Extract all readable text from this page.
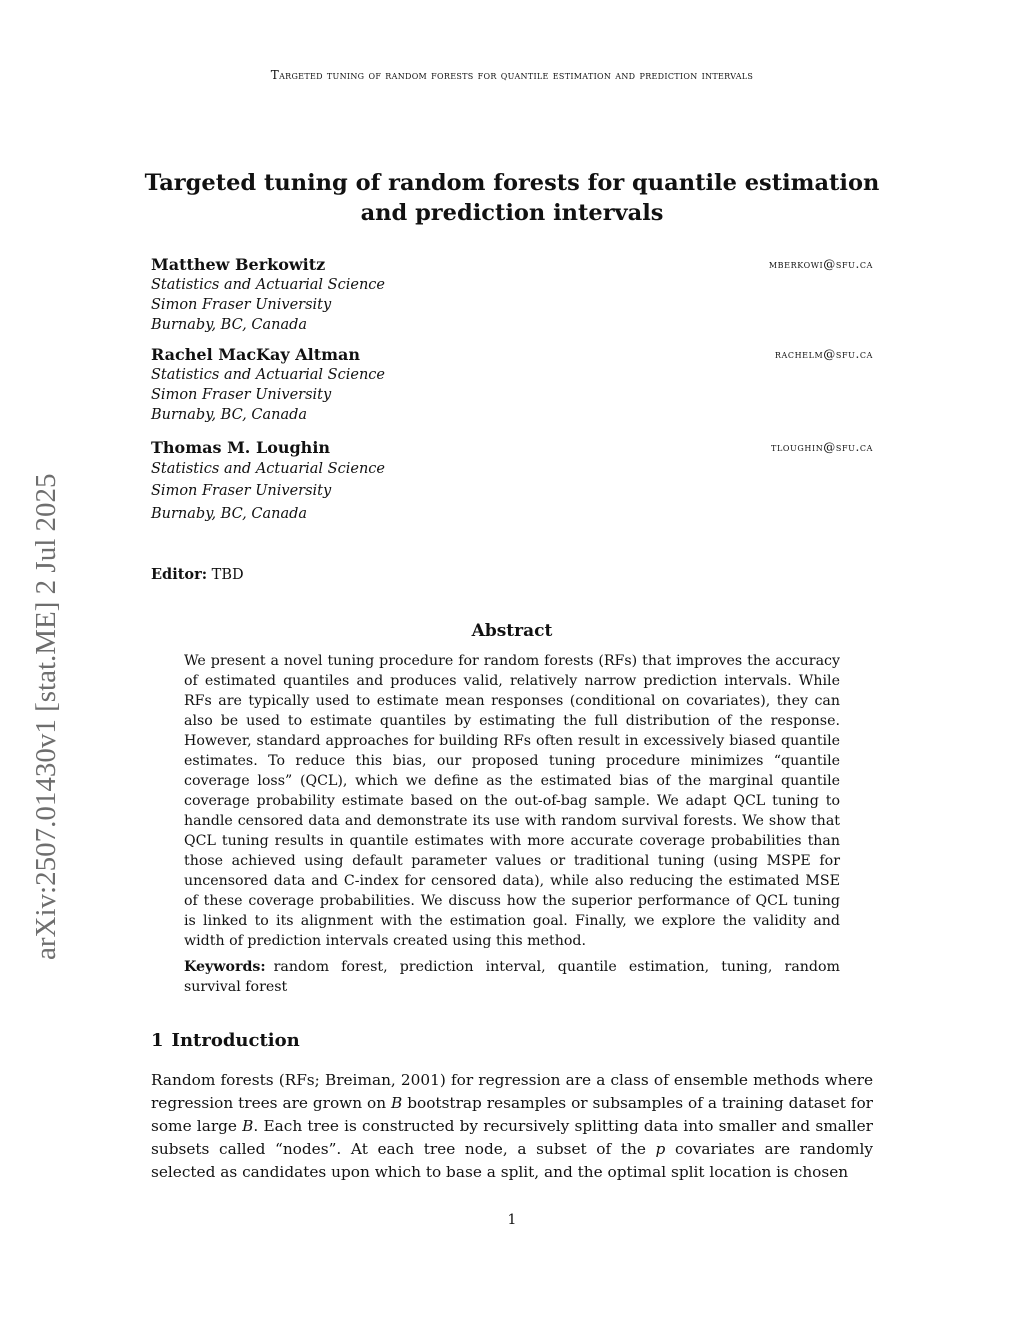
Targeted tuning of random forests for quantile estimation and prediction intervals
arXiv:2507.01430v1 [stat.ME] 2 Jul 2025
Targeted tuning of random forests for quantile estimation
and prediction intervals
Matthew Berkowitz	mberkowi@sfu.ca
Statistics and Actuarial Science
Simon Fraser University
Burnaby, BC, Canada
Rachel MacKay Altman	rachelm@sfu.ca
Statistics and Actuarial Science
Simon Fraser University
Burnaby, BC, Canada
Thomas M. Loughin	tloughin@sfu.ca
Statistics and Actuarial Science
Simon Fraser University
Burnaby, BC, Canada
Editor: TBD
Abstract
We present a novel tuning procedure for random forests (RFs) that improves the accuracy of estimated quantiles and produces valid, relatively narrow prediction intervals. While RFs are typically used to estimate mean responses (conditional on covariates), they can also be used to estimate quantiles by estimating the full distribution of the response. However, standard approaches for building RFs often result in excessively biased quantile estimates. To reduce this bias, our proposed tuning procedure minimizes “quantile coverage loss” (QCL), which we define as the estimated bias of the marginal quantile coverage probability estimate based on the out-of-bag sample. We adapt QCL tuning to handle censored data and demonstrate its use with random survival forests. We show that QCL tuning results in quantile estimates with more accurate coverage probabilities than those achieved using default parameter values or traditional tuning (using MSPE for uncensored data and C-index for censored data), while also reducing the estimated MSE of these coverage probabilities. We discuss how the superior performance of QCL tuning is linked to its alignment with the estimation goal. Finally, we explore the validity and width of prediction intervals created using this method.
Keywords: random forest, prediction interval, quantile estimation, tuning, random survival forest
1 Introduction
Random forests (RFs; Breiman, 2001) for regression are a class of ensemble methods where regression trees are grown on B bootstrap resamples or subsamples of a training dataset for some large B. Each tree is constructed by recursively splitting data into smaller and smaller subsets called “nodes”. At each tree node, a subset of the p covariates are randomly selected as candidates upon which to base a split, and the optimal split location is chosen
1
